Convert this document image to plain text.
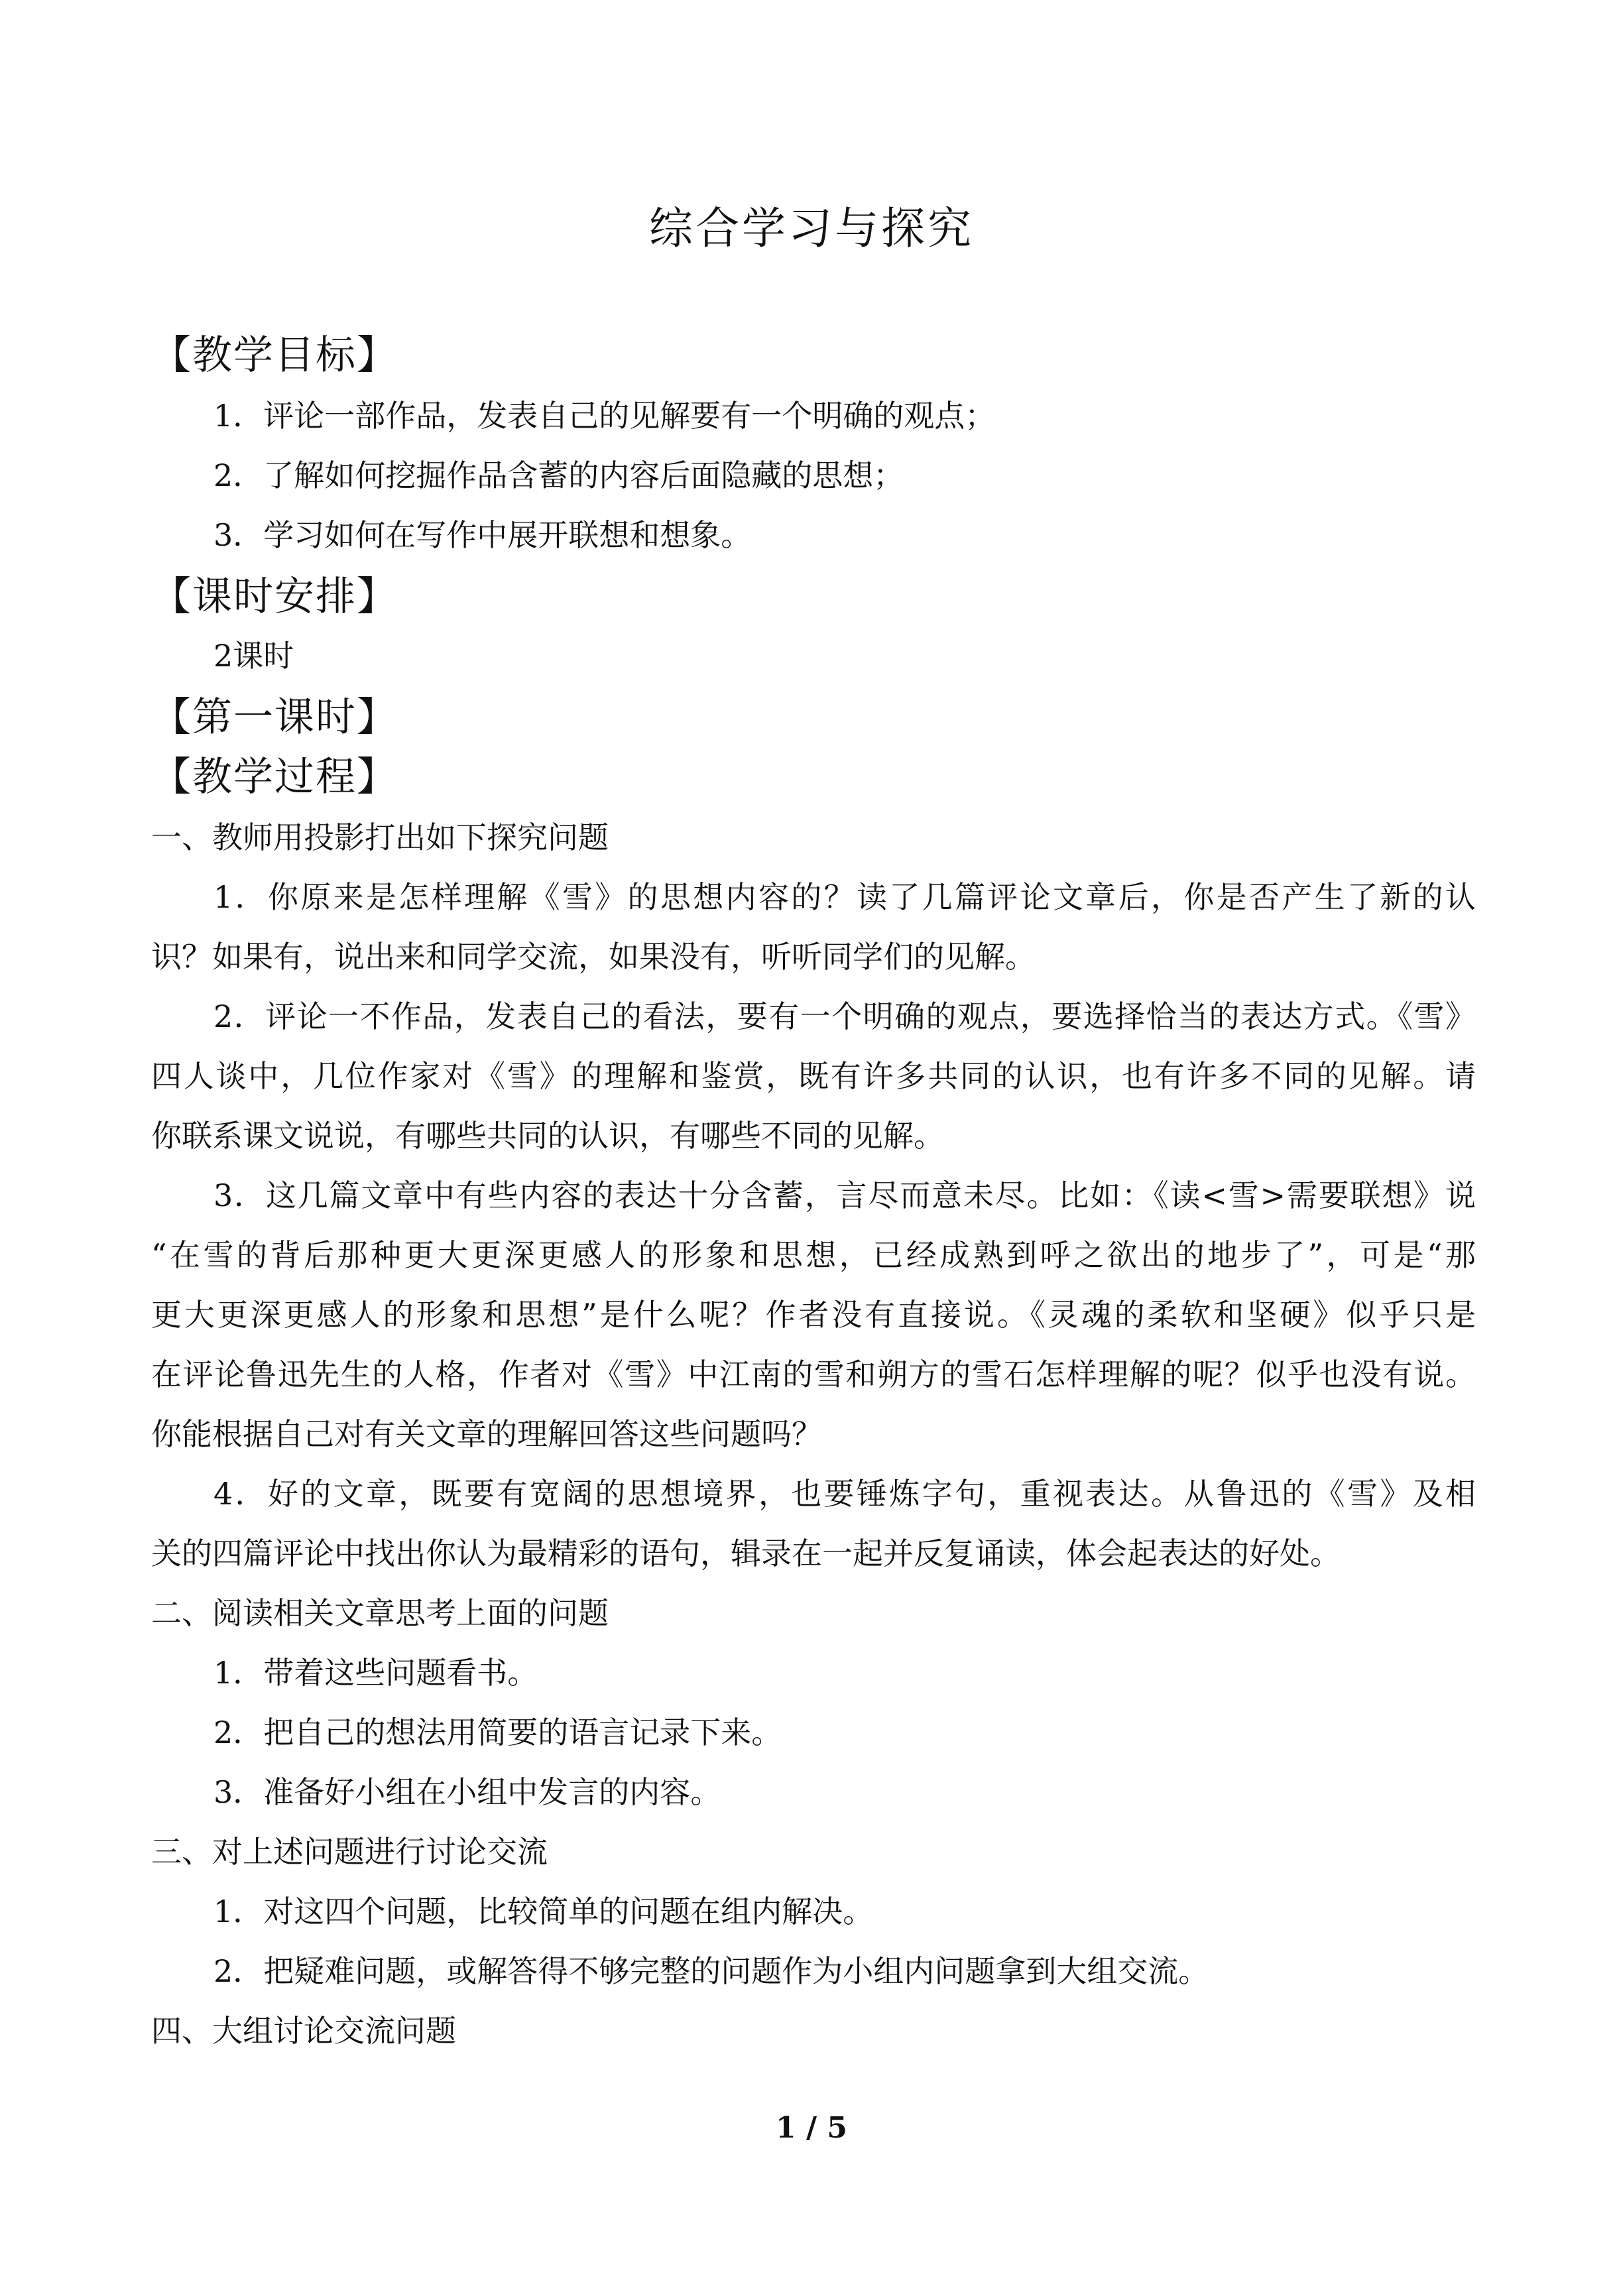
综合学习与探究
【教学目标】
1．评论一部作品，发表自己的见解要有一个明确的观点；
2．了解如何挖掘作品含蓄的内容后面隐藏的思想；
3．学习如何在写作中展开联想和想象。
【课时安排】
2课时
【第一课时】
【教学过程】
一、教师用投影打出如下探究问题
1．你原来是怎样理解《雪》的思想内容的？读了几篇评论文章后，你是否产生了新的认
识？如果有，说出来和同学交流，如果没有，听听同学们的见解。
2．评论一不作品，发表自己的看法，要有一个明确的观点，要选择恰当的表达方式。《雪》
四人谈中，几位作家对《雪》的理解和鉴赏，既有许多共同的认识，也有许多不同的见解。请
你联系课文说说，有哪些共同的认识，有哪些不同的见解。
3．这几篇文章中有些内容的表达十分含蓄，言尽而意未尽。比如：《读<雪>需要联想》说
“在雪的背后那种更大更深更感人的形象和思想，已经成熟到呼之欲出的地步了”，可是“那
更大更深更感人的形象和思想”是什么呢？作者没有直接说。《灵魂的柔软和坚硬》似乎只是
在评论鲁迅先生的人格，作者对《雪》中江南的雪和朔方的雪石怎样理解的呢？似乎也没有说。
你能根据自己对有关文章的理解回答这些问题吗？
4．好的文章，既要有宽阔的思想境界，也要锤炼字句，重视表达。从鲁迅的《雪》及相
关的四篇评论中找出你认为最精彩的语句，辑录在一起并反复诵读，体会起表达的好处。
二、阅读相关文章思考上面的问题
1．带着这些问题看书。
2．把自己的想法用简要的语言记录下来。
3．准备好小组在小组中发言的内容。
三、对上述问题进行讨论交流
1．对这四个问题，比较简单的问题在组内解决。
2．把疑难问题，或解答得不够完整的问题作为小组内问题拿到大组交流。
四、大组讨论交流问题
1 / 5
